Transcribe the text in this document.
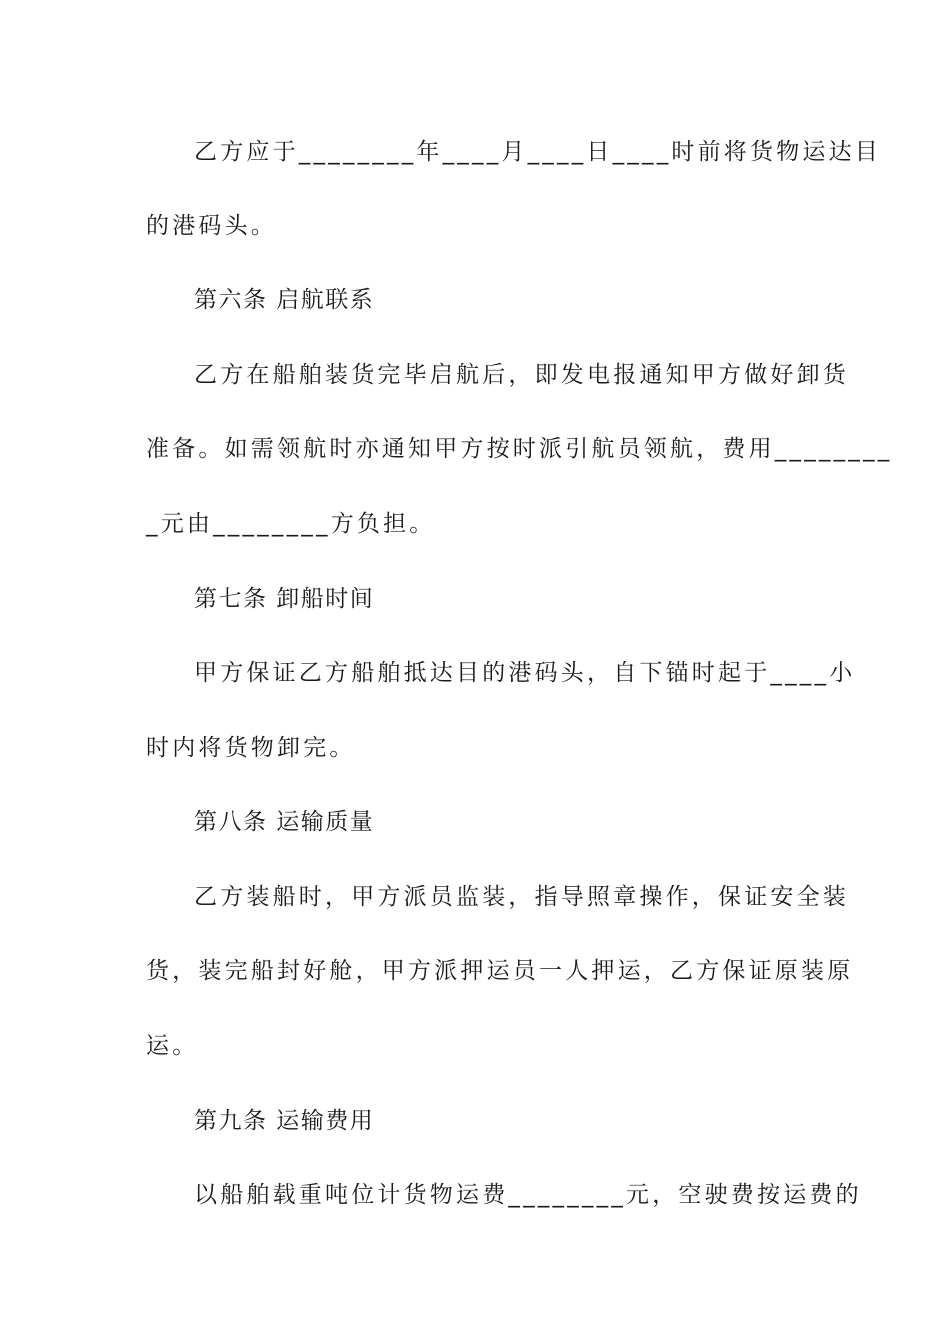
乙方应于________年____月____日____时前将货物运达目
的港码头。
第六条 启航联系
乙方在船舶装货完毕启航后，即发电报通知甲方做好卸货
准备。如需领航时亦通知甲方按时派引航员领航，费用________
_元由________方负担。
第七条 卸船时间
甲方保证乙方船舶抵达目的港码头，自下锚时起于____小
时内将货物卸完。
第八条 运输质量
乙方装船时，甲方派员监装，指导照章操作，保证安全装
货，装完船封好舱，甲方派押运员一人押运，乙方保证原装原
运。
第九条 运输费用
以船舶载重吨位计货物运费________元，空驶费按运费的
